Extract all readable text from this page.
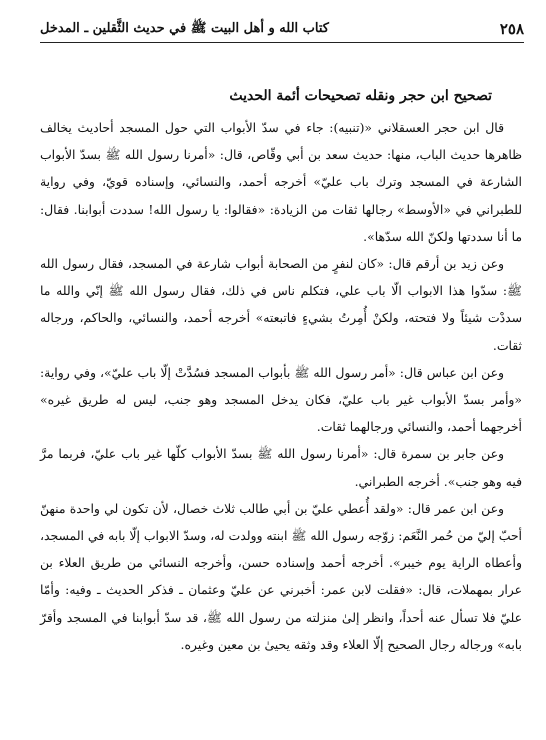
٢٥٨
كتاب الله و أهل البيت ﷺ في حديث الثَّقلين ـ المدخل
تصحيح ابن حجر ونقله تصحيحات أئمة الحديث

قال ابن حجر العسقلاني «(تنبيه): جاء في سدّ الأبواب التي حول المسجد أحاديث يخالف ظاهرها حديث الباب، منها: حديث سعد بن أبي وقّاص، قال: «أمرنا رسول الله ﷺ بسدّ الأبواب الشارعة في المسجد وترك باب عليّ» أخرجه أحمد، والنسائي، وإسناده قويّ، وفي رواية للطبراني في «الأوسط» رجالها ثقات من الزيادة: «فقالوا: يا رسول الله! سددت أبوابنا. فقال: ما أنا سددتها ولكنّ الله سدّها».

وعن زيد بن أرقم قال: «كان لنفرٍ من الصحابة أبواب شارعة في المسجد، فقال رسول الله ﷺ: سدّوا هذا الابواب الّا باب علي، فتكلم ناس في ذلك، فقال رسول الله ﷺ إنّي والله ما سددْت شيئاً ولا فتحته، ولكنْ أُمِرتُ بشيءٍ فاتبعته» أخرجه أحمد، والنسائي، والحاكم، ورجاله ثقات.

وعن ابن عباس قال: «أمر رسول الله ﷺ بأبواب المسجد فسُدَّتْ إلّا باب عليّ»، وفي رواية: «وأمر بسدّ الأبواب غير باب عليّ، فكان يدخل المسجد وهو جنب، ليس له طريق غيره» أخرجهما أحمد، والنسائي ورجالهما ثقات.

وعن جابر بن سمرة قال: «أمرنا رسول الله ﷺ بسدّ الأبواب كلّها غير باب عليّ، فربما مرَّ فيه وهو جنب». أخرجه الطبراني.

وعن ابن عمر قال: «ولقد أُعطي عليّ بن أبي طالب ثلاث خصال، لأن تكون لي واحدة منهنّ أحبّ إليّ من حُمر النَّعَم: زوّجه رسول الله ﷺ ابنته وولدت له، وسدّ الابواب إلّا بابه في المسجد، وأعطاه الراية يوم خيبر». أخرجه أحمد وإسناده حسن، وأخرجه النسائي من طريق العلاء بن عرار بمهملات، قال: «فقلت لابن عمر: أخبرني عن عليّ وعثمان ـ فذكر الحديث ـ وفيه: وأمّا عليّ فلا تسأل عنه أحداً، وانظر إلىٰ منزلته من رسول الله ﷺ، قد سدّ أبوابنا في المسجد وأقرّ بابه» ورجاله رجال الصحيح إلّا العلاء وقد وثقه يحيىٰ بن معين وغيره.
